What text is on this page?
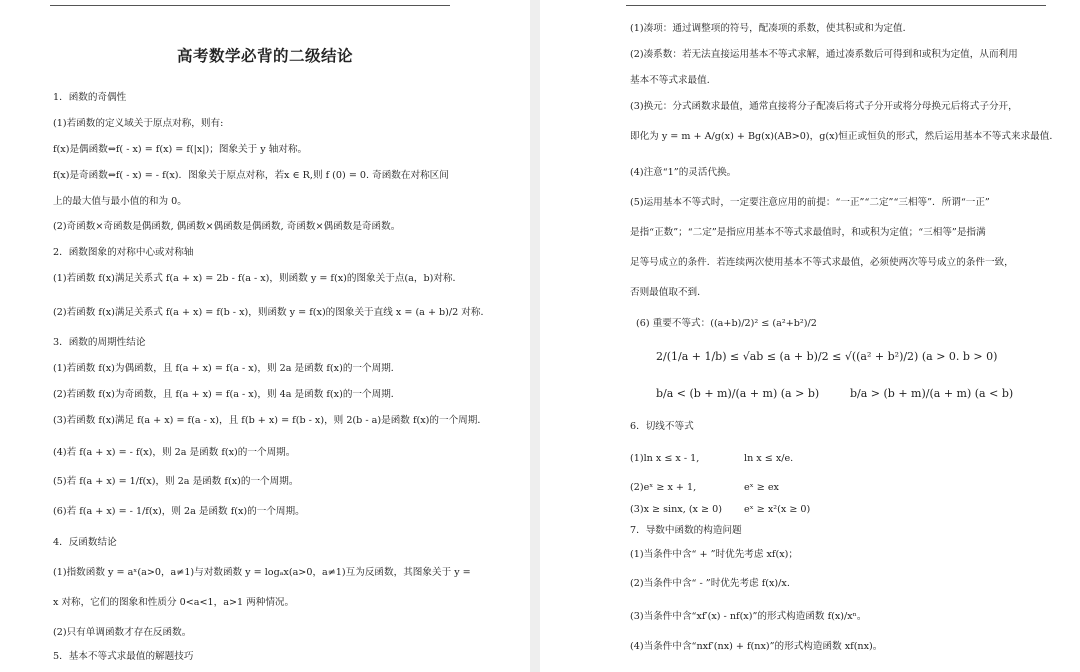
高考数学必背的二级结论
1．函数的奇偶性
(1)若函数的定义域关于原点对称，则有:
f(x)是偶函数⇔f( - x) = f(x) = f(|x|)；图象关于 y 轴对称。
f(x)是奇函数⇔f( - x) = - f(x)．图象关于原点对称，若x ∈ R,则 f (0) = 0. 奇函数在对称区间
上的最大值与最小值的和为 0。
(2)奇函数×奇函数是偶函数, 偶函数×偶函数是偶函数, 奇函数×偶函数是奇函数。
2．函数图象的对称中心或对称轴
(1)若函数 f(x)满足关系式 f(a + x) = 2b - f(a - x)，则函数 y = f(x)的图象关于点(a，b)对称．
(2)若函数 f(x)满足关系式 f(a + x) = f(b - x)，则函数 y = f(x)的图象关于直线 x = (a + b)/2 对称．
3．函数的周期性结论
(1)若函数 f(x)为偶函数，且 f(a + x) = f(a - x)，则 2a 是函数 f(x)的一个周期．
(2)若函数 f(x)为奇函数，且 f(a + x) = f(a - x)，则 4a 是函数 f(x)的一个周期．
(3)若函数 f(x)满足 f(a + x) = f(a - x)，且 f(b + x) = f(b - x)，则 2(b - a)是函数 f(x)的一个周期．
(4)若 f(a + x) = - f(x)，则 2a 是函数 f(x)的一个周期。
(5)若 f(a + x) = 1/f(x)，则 2a 是函数 f(x)的一个周期。
(6)若 f(a + x) = - 1/f(x)，则 2a 是函数 f(x)的一个周期。
4．反函数结论
(1)指数函数 y = aˣ(a>0，a≠1)与对数函数 y = logₐx(a>0，a≠1)互为反函数，其图象关于 y =
x 对称，它们的图象和性质分 0<a<1，a>1 两种情况。
(2)只有单调函数才存在反函数。
5．基本不等式求最值的解题技巧
(1)凑项：通过调整项的符号，配凑项的系数，使其积或和为定值．
(2)凑系数：若无法直接运用基本不等式求解，通过凑系数后可得到和或积为定值，从而利用
基本不等式求最值．
(3)换元：分式函数求最值，通常直接将分子配凑后将式子分开或将分母换元后将式子分开，
即化为 y = m + A/g(x) + Bg(x)(AB>0)，g(x)恒正或恒负的形式，然后运用基本不等式来求最值．
(4)注意“1”的灵活代换。
(5)运用基本不等式时，一定要注意应用的前提：“一正”“二定”“三相等”．所谓“一正”
是指“正数”；“二定”是指应用基本不等式求最值时，和或积为定值；“三相等”是指满
足等号成立的条件．若连续两次使用基本不等式求最值，必须使两次等号成立的条件一致，
否则最值取不到．
(6) 重要不等式：((a+b)/2)² ≤ (a²+b²)/2
2/(1/a + 1/b) ≤ √ab ≤ (a + b)/2 ≤ √((a² + b²)/2) (a > 0. b > 0)
b/a < (b + m)/(a + m) (a > b)	b/a > (b + m)/(a + m) (a < b)
6．切线不等式
(1)ln x ≤ x - 1,	ln x ≤ x/e.
(2)eˣ ≥ x + 1,	eˣ ≥ ex
(3)x ≥ sinx, (x ≥ 0) eˣ ≥ x²(x ≥ 0)
7．导数中函数的构造问题
(1)当条件中含“ + ”时优先考虑 xf(x)；
(2)当条件中含“ - ”时优先考虑 f(x)/x.
(3)当条件中含“xf′(x) - nf(x)”的形式构造函数 f(x)/xⁿ。
(4)当条件中含“nxf′(nx) + f(nx)”的形式构造函数 xf(nx)。
